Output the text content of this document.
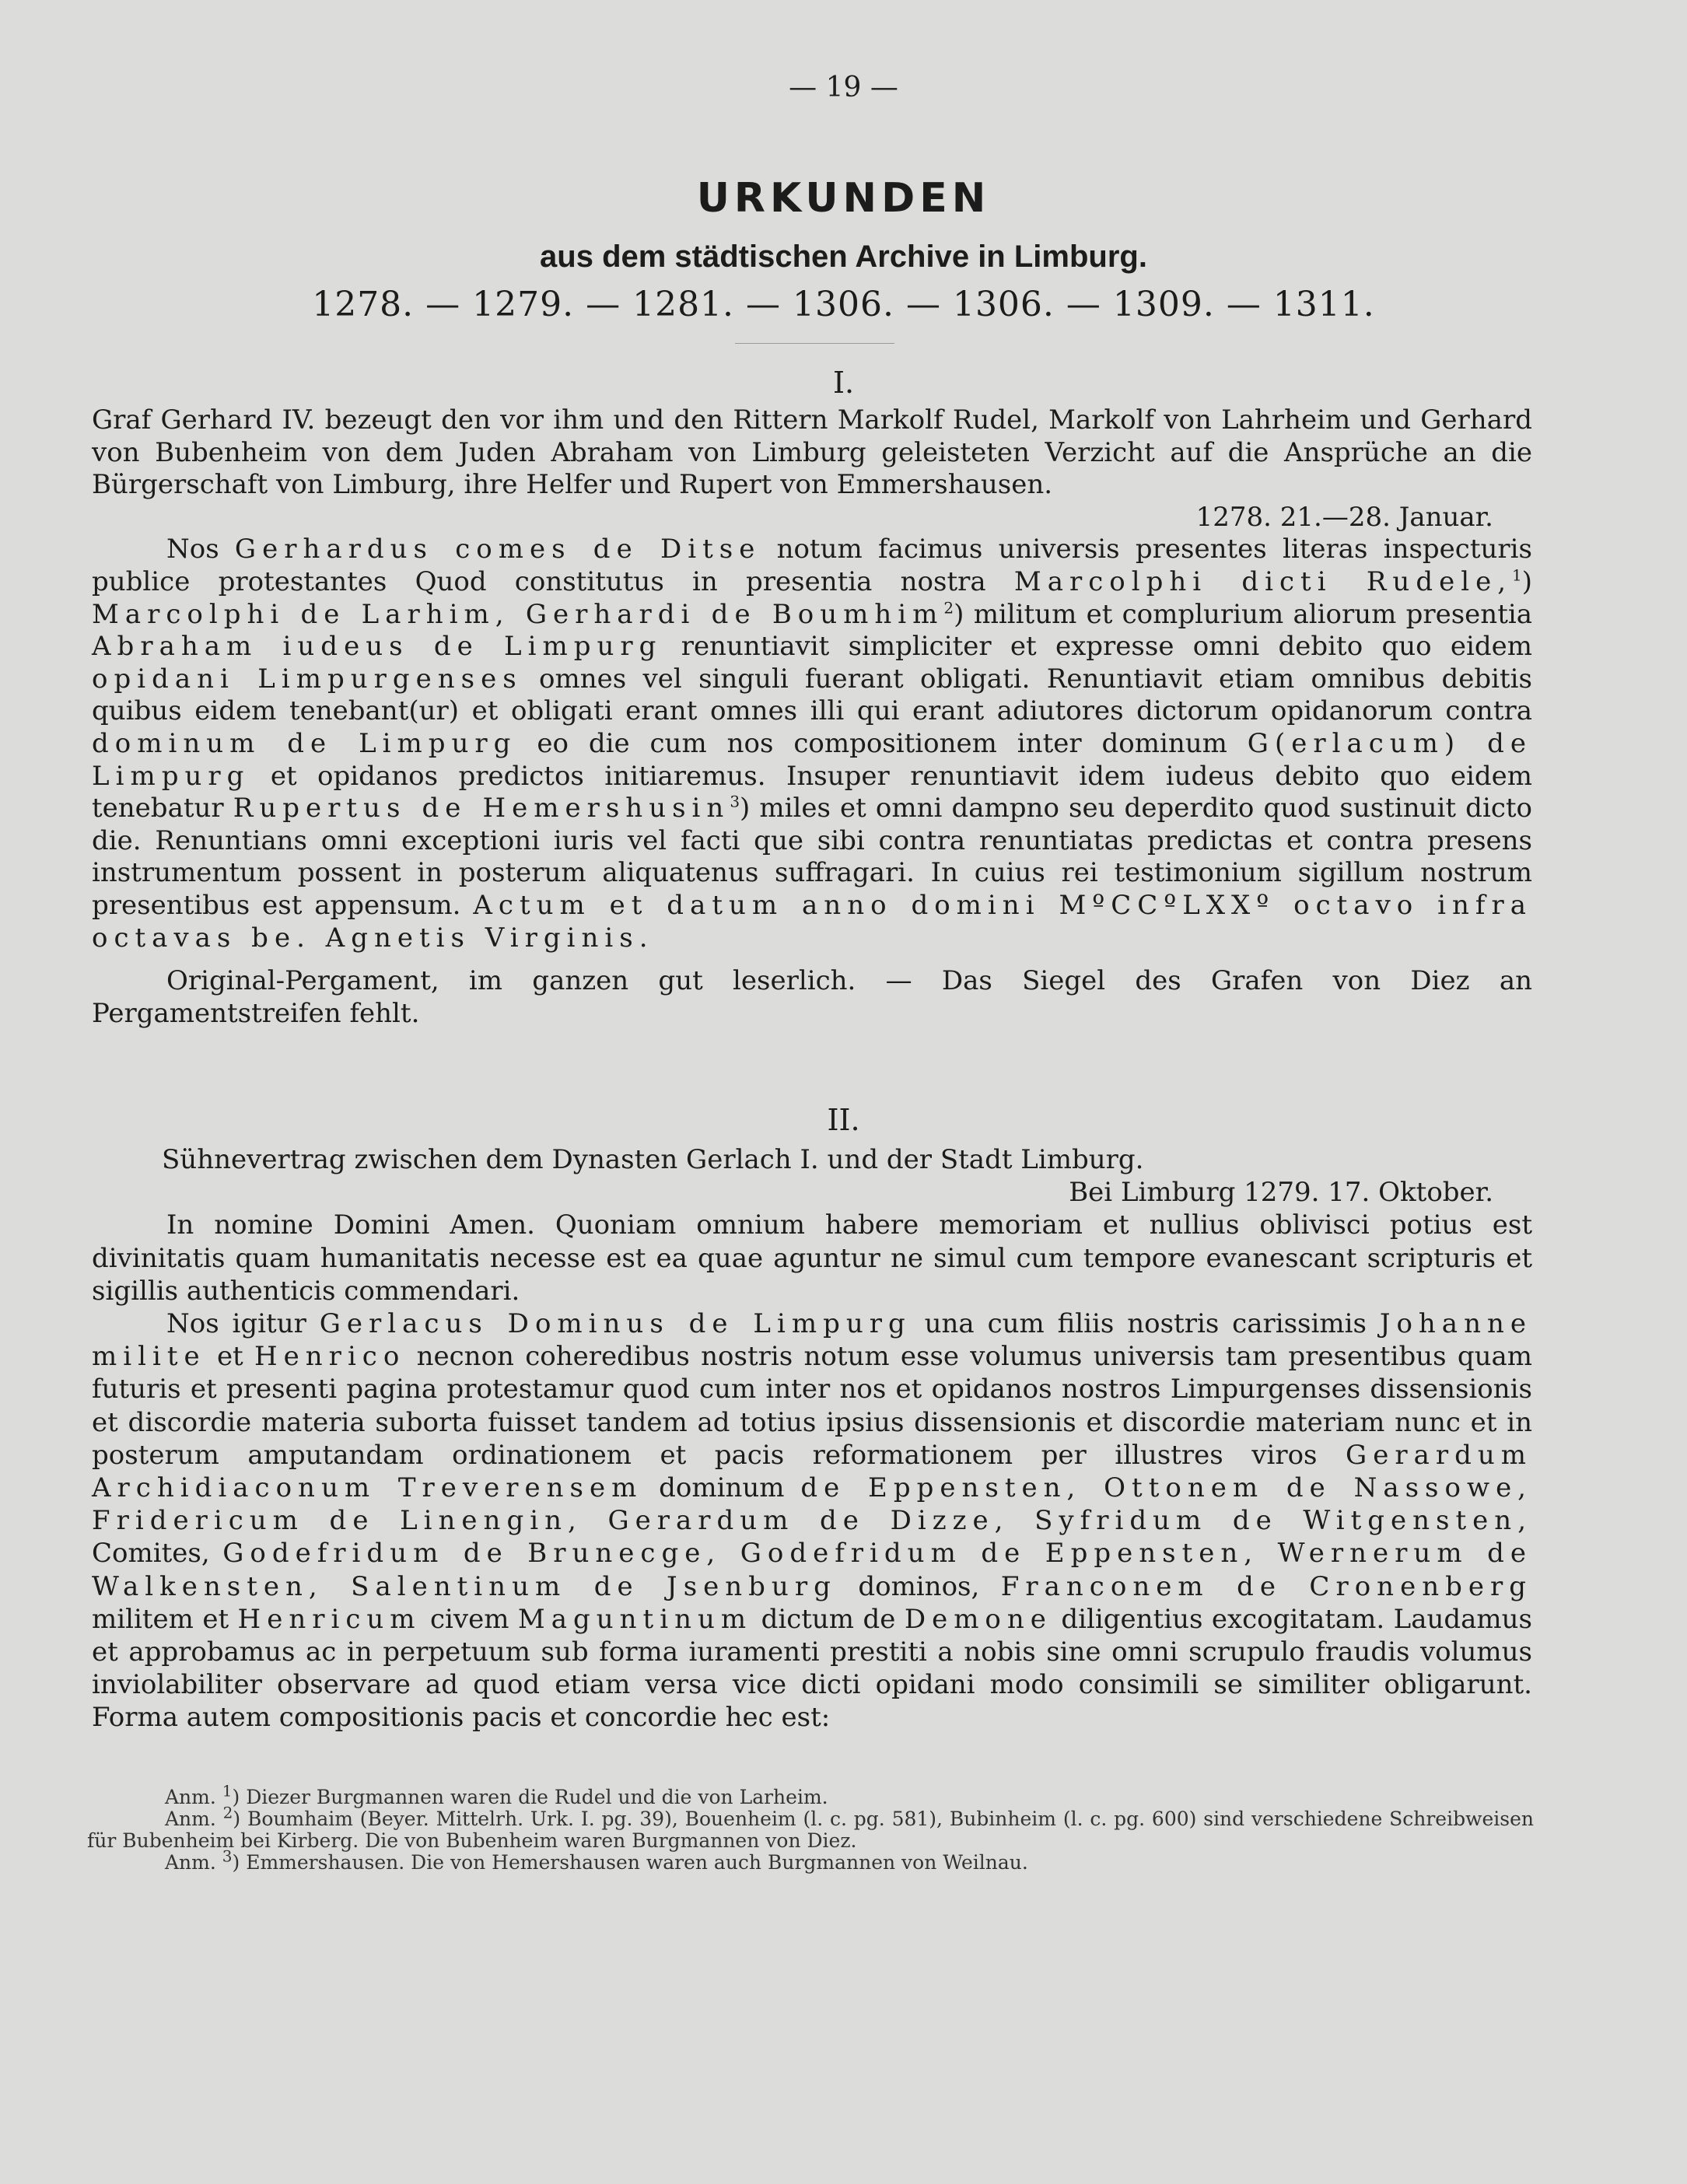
— 19 —
URKUNDEN
aus dem städtischen Archive in Limburg.
1278. — 1279. — 1281. — 1306. — 1306. — 1309. — 1311.
I.

Graf Gerhard IV. bezeugt den vor ihm und den Rittern Markolf Rudel, Markolf von Lahrheim und Gerhard von Bubenheim von dem Juden Abraham von Limburg geleisteten Verzicht auf die Ansprüche an die Bürgerschaft von Limburg, ihre Helfer und Rupert von Emmershausen.

1278. 21.—28. Januar.

Nos Gerhardus comes de Ditse notum facimus universis presentes literas inspecturis publice protestantes Quod constitutus in presentia nostra Marcolphi dicti Rudele,$^1$) Marcolphi de Larhim, Gerhardi de Boumhim$^2$) militum et complurium aliorum presentia Abraham iudeus de Limpurg renuntiavit simpliciter et expresse omni debito quo eidem opidani Limpurgenses omnes vel singuli fuerant obligati. Renuntiavit etiam omnibus debitis quibus eidem tenebant(ur) et obligati erant omnes illi qui erant adiutores dictorum opidanorum contra dominum de Limpurg eo die cum nos compositionem inter dominum G(erlacum) de Limpurg et opidanos predictos initiaremus. Insuper renuntiavit idem iudeus debito quo eidem tenebatur Rupertus de Hemershusin$^3$) miles et omni dampno seu deperdito quod sustinuit dicto die. Renuntians omni exceptioni iuris vel facti que sibi contra renuntiatas predictas et contra presens instrumentum possent in posterum aliquatenus suffragari. In cuius rei testimonium sigillum nostrum presentibus est appensum. Actum et datum anno domini MºCCºLXXº octavo infra octavas be. Agnetis Virginis.

Original-Pergament, im ganzen gut leserlich. — Das Siegel des Grafen von Diez an Pergamentstreifen fehlt.

II.

Sühnevertrag zwischen dem Dynasten Gerlach I. und der Stadt Limburg.

Bei Limburg 1279. 17. Oktober.

In nomine Domini Amen. Quoniam omnium habere memoriam et nullius oblivisci potius est divinitatis quam humanitatis necesse est ea quae aguntur ne simul cum tempore evanescant scripturis et sigillis authenticis commendari.

Nos igitur Gerlacus Dominus de Limpurg una cum filiis nostris carissimis Johanne milite et Henrico necnon coheredibus nostris notum esse volumus universis tam presentibus quam futuris et presenti pagina protestamur quod cum inter nos et opidanos nostros Limpurgenses dissensionis et discordie materia suborta fuisset tandem ad totius ipsius dissensionis et discordie materiam nunc et in posterum amputandam ordinationem et pacis reformationem per illustres viros Gerardum Archidiaconum Treverensem dominum de Eppensten, Ottonem de Nassowe, Fridericum de Linengin, Gerardum de Dizze, Syfridum de Witgensten, Comites, Godefridum de Brunecge, Godefridum de Eppensten, Wernerum de Walkensten, Salentinum de Jsenburg dominos, Franconem de Cronenberg militem et Henricum civem Maguntinum dictum de Demone diligentius excogitatam. Laudamus et approbamus ac in perpetuum sub forma iuramenti prestiti a nobis sine omni scrupulo fraudis volumus inviolabiliter observare ad quod etiam versa vice dicti opidani modo consimili se similiter obligarunt. Forma autem compositionis pacis et concordie hec est:

Anm. $^1$) Diezer Burgmannen waren die Rudel und die von Larheim.

Anm. $^2$) Boumhaim (Beyer. Mittelrh. Urk. I. pg. 39), Bouenheim (l. c. pg. 581), Bubinheim (l. c. pg. 600) sind verschiedene Schreibweisen für Bubenheim bei Kirberg. Die von Bubenheim waren Burgmannen von Diez.

Anm. $^3$) Emmershausen. Die von Hemershausen waren auch Burgmannen von Weilnau.
